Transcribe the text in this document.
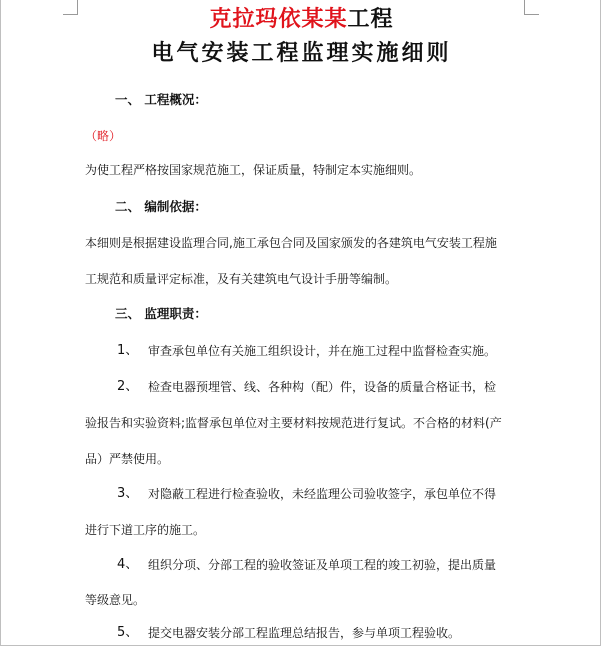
克拉玛依某某工程
电气安装工程监理实施细则
一、 工程概况：
（略）
为使工程严格按国家规范施工，保证质量，特制定本实施细则。
二、 编制依据：
本细则是根据建设监理合同,施工承包合同及国家颁发的各建筑电气安装工程施
工规范和质量评定标准，及有关建筑电气设计手册等编制。
三、 监理职责：
1、 审查承包单位有关施工组织设计，并在施工过程中监督检查实施。
2、 检查电器预埋管、线、各种构（配）件，设备的质量合格证书，检
验报告和实验资料;监督承包单位对主要材料按规范进行复试。不合格的材料(产
品）严禁使用。
3、 对隐蔽工程进行检查验收，未经监理公司验收签字，承包单位不得
进行下道工序的施工。
4、 组织分项、分部工程的验收签证及单项工程的竣工初验，提出质量
等级意见。
5、 提交电器安装分部工程监理总结报告，参与单项工程验收。
